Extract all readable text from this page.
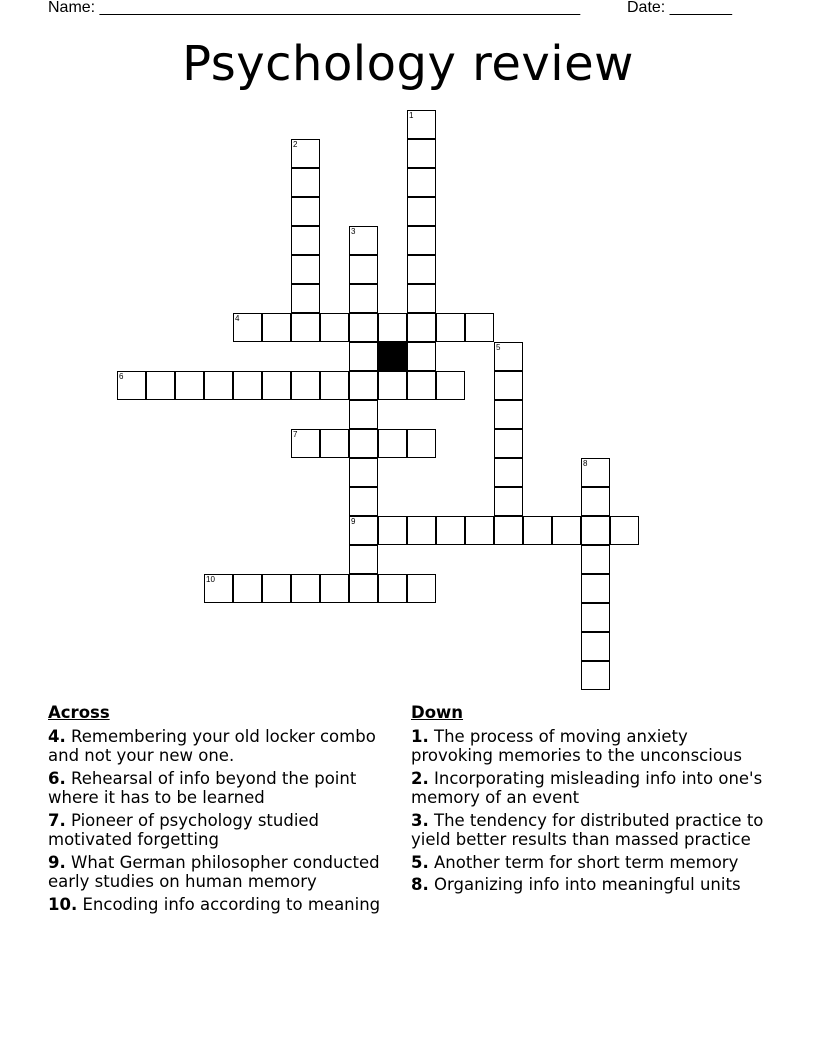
Name: ______________________________________________________	Date: _______
Psychology review
1
2
3
9
4
5
6
7
8
10
Across
4. Remembering your old locker combo and not your new one.
6. Rehearsal of info beyond the point where it has to be learned
7. Pioneer of psychology studied motivated forgetting
9. What German philosopher conducted early studies on human memory
10. Encoding info according to meaning
Down
1. The process of moving anxiety provoking memories to the unconscious
2. Incorporating misleading info into one's memory of an event
3. The tendency for distributed practice to yield better results than massed practice
5. Another term for short term memory
8. Organizing info into meaningful units
